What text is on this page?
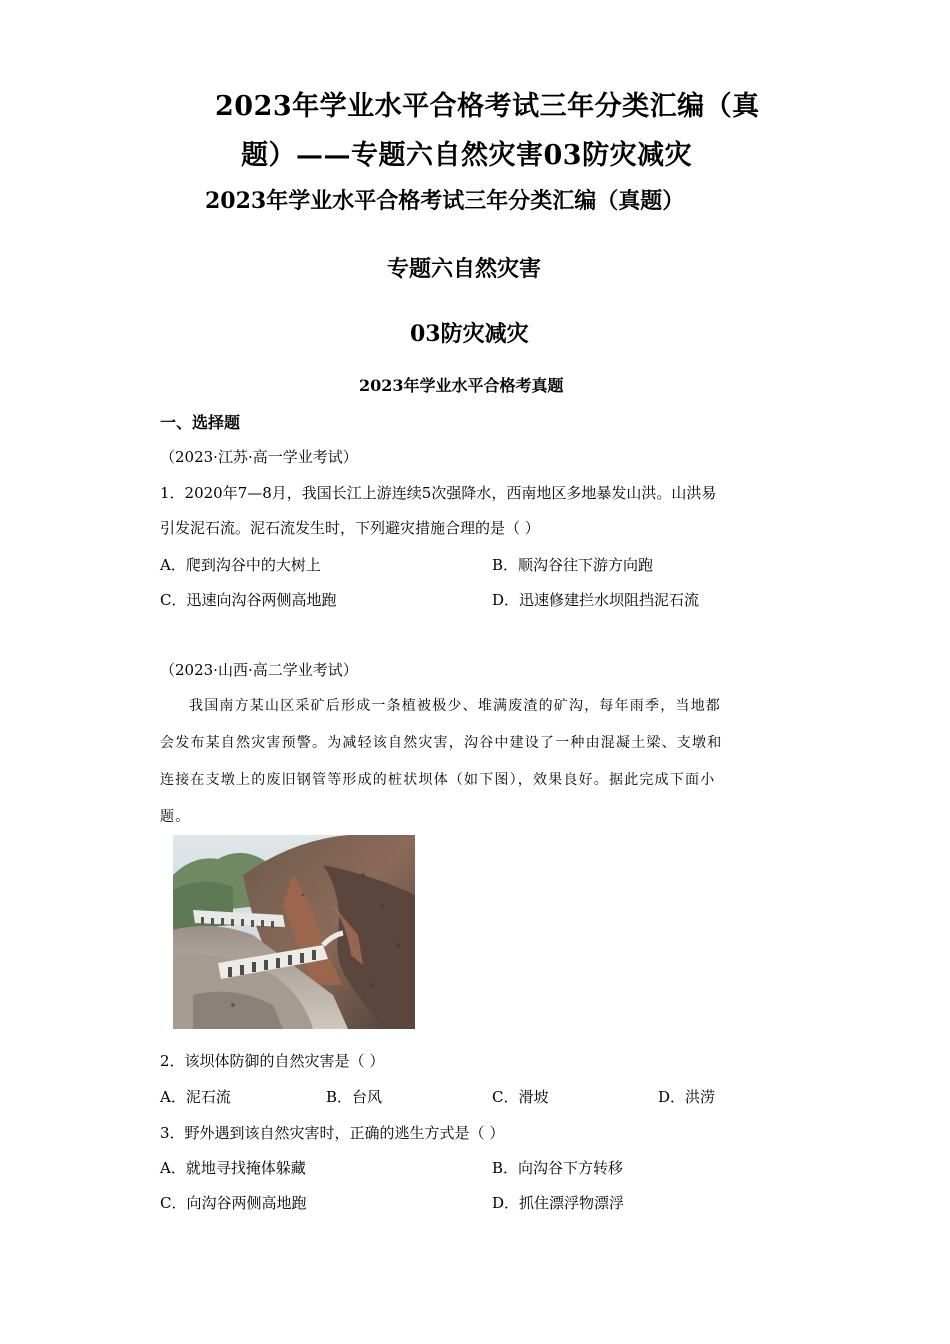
2023年学业水平合格考试三年分类汇编（真
题）——专题六自然灾害03防灾减灾
2023年学业水平合格考试三年分类汇编（真题）
专题六自然灾害
03防灾减灾
2023年学业水平合格考真题
一、选择题
（2023·江苏·高一学业考试）
1．2020年7—8月，我国长江上游连续5次强降水，西南地区多地暴发山洪。山洪易
引发泥石流。泥石流发生时，下列避灾措施合理的是（ ）
A．爬到沟谷中的大树上	B．顺沟谷往下游方向跑
C．迅速向沟谷两侧高地跑	D．迅速修建拦水坝阻挡泥石流
（2023·山西·高二学业考试）
我国南方某山区采矿后形成一条植被极少、堆满废渣的矿沟，每年雨季，当地都
会发布某自然灾害预警。为减轻该自然灾害，沟谷中建设了一种由混凝土梁、支墩和
连接在支墩上的废旧钢管等形成的桩状坝体（如下图），效果良好。据此完成下面小
题。
2．该坝体防御的自然灾害是（ ）
A．泥石流	B．台风	C．滑坡	D．洪涝
3．野外遇到该自然灾害时，正确的逃生方式是（ ）
A．就地寻找掩体躲藏	B．向沟谷下方转移
C．向沟谷两侧高地跑	D．抓住漂浮物漂浮
